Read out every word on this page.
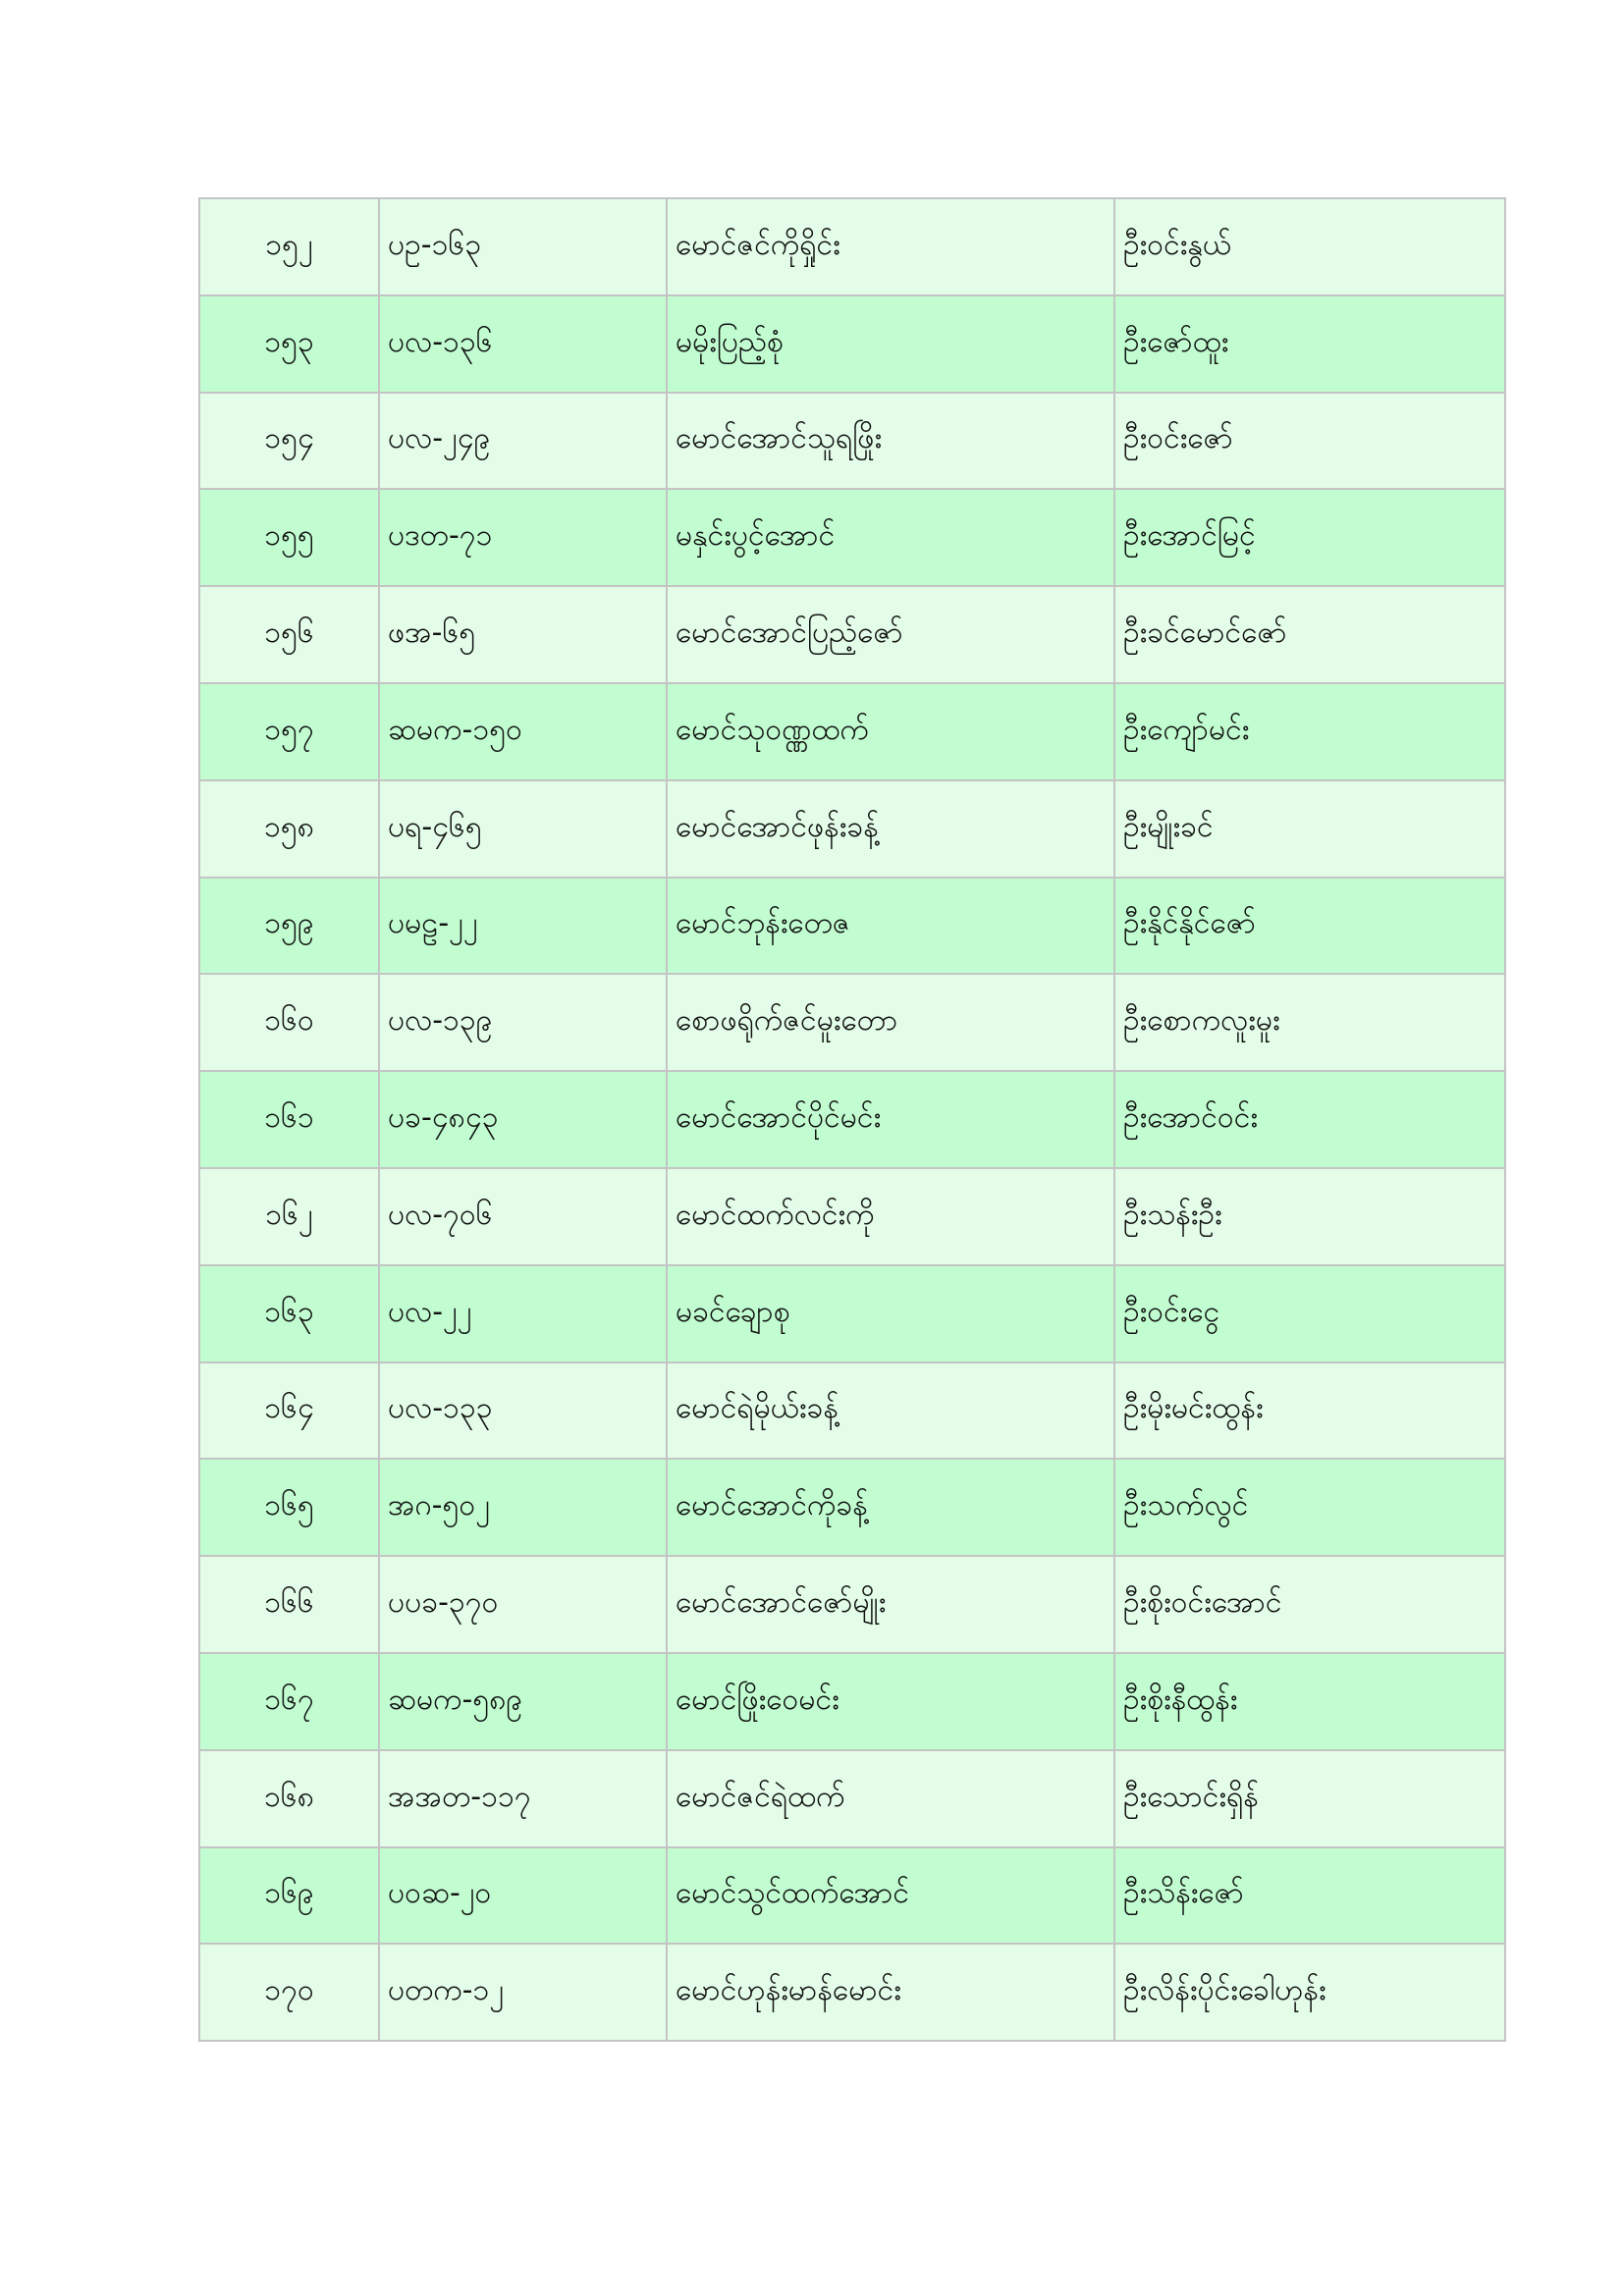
၁၅၂	ပဥ-၁၆၃	မောင်ဇင်ကိုရှိုင်း	ဦးဝင်းနွယ်
၁၅၃	ပလ-၁၃၆	မမိုးပြည့်စုံ	ဦးဇော်ထူး
၁၅၄	ပလ-၂၄၉	မောင်အောင်သူရဖြိုး	ဦးဝင်းဇော်
၁၅၅	ပဒတ-၇၁	မနှင်းပွင့်အောင်	ဦးအောင်မြင့်
၁၅၆	ဖအ-၆၅	မောင်အောင်ပြည့်ဇော်	ဦးခင်မောင်ဇော်
၁၅၇	ဆမက-၁၅၀	မောင်သုဝဏ္ဏထက်	ဦးကျော်မင်း
၁၅၈	ပရ-၄၆၅	မောင်အောင်ဖုန်းခန့်	ဦးမျိုးခင်
၁၅၉	ပမဠ-၂၂	မောင်ဘုန်းတေဇ	ဦးနိုင်နိုင်ဇော်
၁၆၀	ပလ-၁၃၉	စောဖရိုက်ဇင်မူးတော	ဦးစောကလူးမူး
၁၆၁	ပခ-၄၈၄၃	မောင်အောင်ပိုင်မင်း	ဦးအောင်ဝင်း
၁၆၂	ပလ-၇၀၆	မောင်ထက်လင်းကို	ဦးသန်းဦး
၁၆၃	ပလ-၂၂	မခင်ချောစု	ဦးဝင်းငွေ
၁၆၄	ပလ-၁၃၃	မောင်ရဲမိုယ်းခန့်	ဦးမိုးမင်းထွန်း
၁၆၅	အဂ-၅၀၂	မောင်အောင်ကိုခန့်	ဦးသက်လွင်
၁၆၆	ပပခ-၃၇၀	မောင်အောင်ဇော်မျိုး	ဦးစိုးဝင်းအောင်
၁၆၇	ဆမက-၅၈၉	မောင်ဖြိုးဝေမင်း	ဦးစိုးနီထွန်း
၁၆၈	အအတ-၁၁၇	မောင်ဇင်ရဲထက်	ဦးသောင်းရှိန်
၁၆၉	ပဝဆ-၂၀	မောင်သွင်ထက်အောင်	ဦးသိန်းဇော်
၁၇၀	ပတက-၁၂	မောင်ဟုန်းမာန်မောင်း	ဦးလိန်းပိုင်းခေါဟုန်း
